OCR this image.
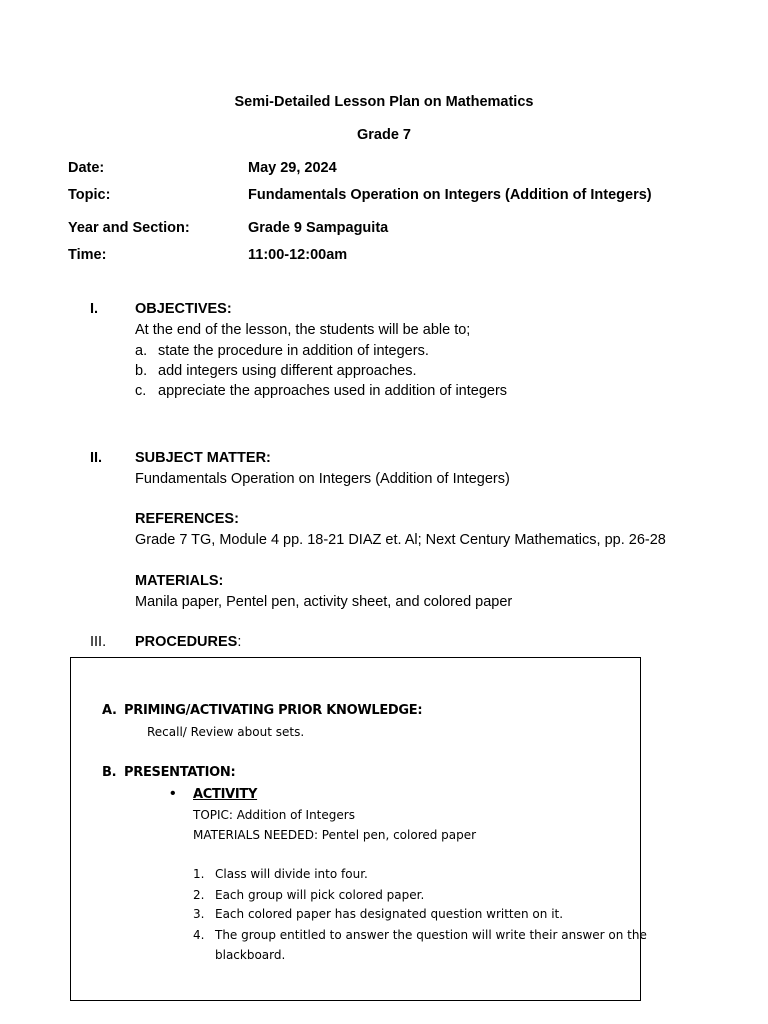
Semi-Detailed Lesson Plan on Mathematics
Grade 7
Date:	May 29, 2024
Topic:	Fundamentals Operation on Integers (Addition of Integers)
Year and Section:	Grade 9 Sampaguita
Time:	11:00-12:00am
I.	OBJECTIVES:
At the end of the lesson, the students will be able to;
a. state the procedure in addition of integers.
b. add integers using different approaches.
c. appreciate the approaches used in addition of integers
II. SUBJECT MATTER:
Fundamentals Operation on Integers (Addition of Integers)
REFERENCES:
Grade 7 TG, Module 4 pp. 18-21 DIAZ et. Al; Next Century Mathematics, pp. 26-28
MATERIALS:
Manila paper, Pentel pen, activity sheet, and colored paper
III. PROCEDURES:
A. PRIMING/ACTIVATING PRIOR KNOWLEDGE:
Recall/ Review about sets.
B. PRESENTATION:
• ACTIVITY
TOPIC: Addition of Integers
MATERIALS NEEDED: Pentel pen, colored paper
1. Class will divide into four.
2. Each group will pick colored paper.
3. Each colored paper has designated question written on it.
4. The group entitled to answer the question will write their answer on the
blackboard.
